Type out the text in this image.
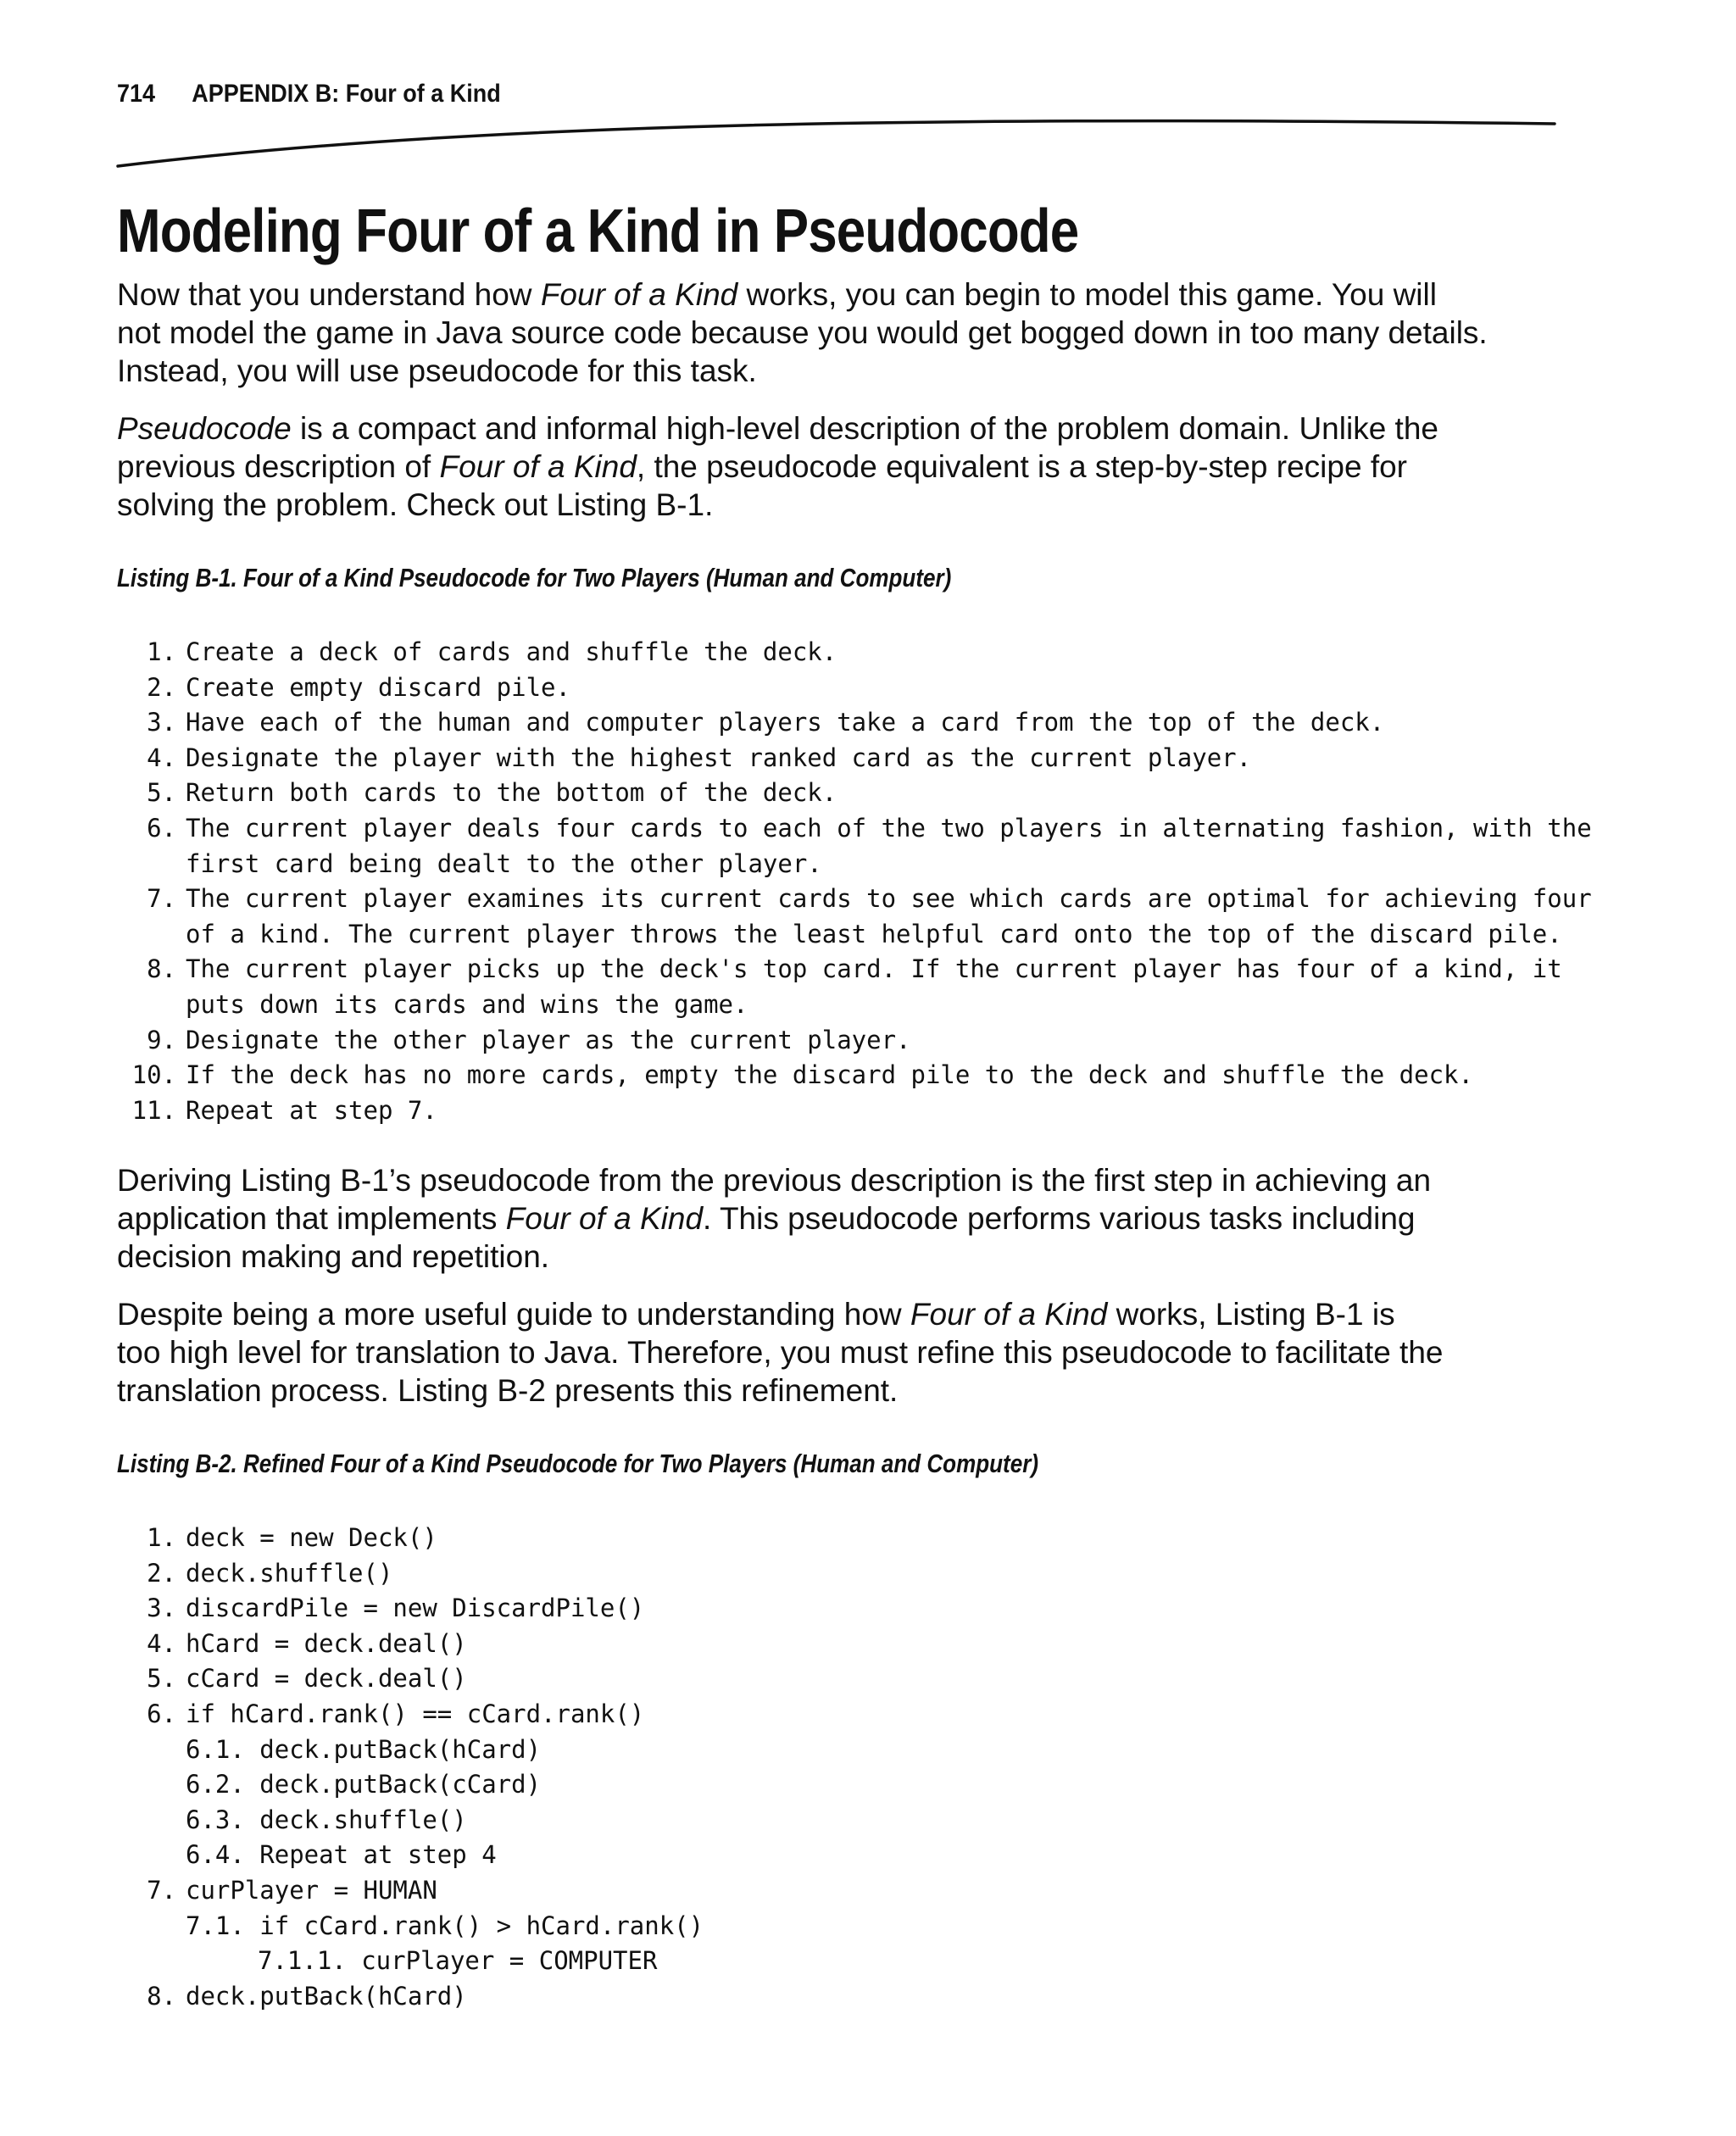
714 APPENDIX B: Four of a Kind
Modeling Four of a Kind in Pseudocode
Now that you understand how Four of a Kind works, you can begin to model this game. You will
not model the game in Java source code because you would get bogged down in too many details.
Instead, you will use pseudocode for this task.
Pseudocode is a compact and informal high-level description of the problem domain. Unlike the
previous description of Four of a Kind, the pseudocode equivalent is a step-by-step recipe for
solving the problem. Check out Listing B-1.
Listing B-1. Four of a Kind Pseudocode for Two Players (Human and Computer)
1. Create a deck of cards and shuffle the deck.
2. Create empty discard pile.
3. Have each of the human and computer players take a card from the top of the deck.
4. Designate the player with the highest ranked card as the current player.
5. Return both cards to the bottom of the deck.
6. The current player deals four cards to each of the two players in alternating fashion, with the
first card being dealt to the other player.
7. The current player examines its current cards to see which cards are optimal for achieving four
of a kind. The current player throws the least helpful card onto the top of the discard pile.
8. The current player picks up the deck's top card. If the current player has four of a kind, it
puts down its cards and wins the game.
9. Designate the other player as the current player.
10. If the deck has no more cards, empty the discard pile to the deck and shuffle the deck.
11. Repeat at step 7.
Deriving Listing B-1’s pseudocode from the previous description is the first step in achieving an
application that implements Four of a Kind. This pseudocode performs various tasks including
decision making and repetition.
Despite being a more useful guide to understanding how Four of a Kind works, Listing B-1 is
too high level for translation to Java. Therefore, you must refine this pseudocode to facilitate the
translation process. Listing B-2 presents this refinement.
Listing B-2. Refined Four of a Kind Pseudocode for Two Players (Human and Computer)
1. deck = new Deck()
2. deck.shuffle()
3. discardPile = new DiscardPile()
4. hCard = deck.deal()
5. cCard = deck.deal()
6. if hCard.rank() == cCard.rank()
6.1. deck.putBack(hCard)
6.2. deck.putBack(cCard)
6.3. deck.shuffle()
6.4. Repeat at step 4
7. curPlayer = HUMAN
7.1. if cCard.rank() > hCard.rank()
7.1.1. curPlayer = COMPUTER
8. deck.putBack(hCard)
